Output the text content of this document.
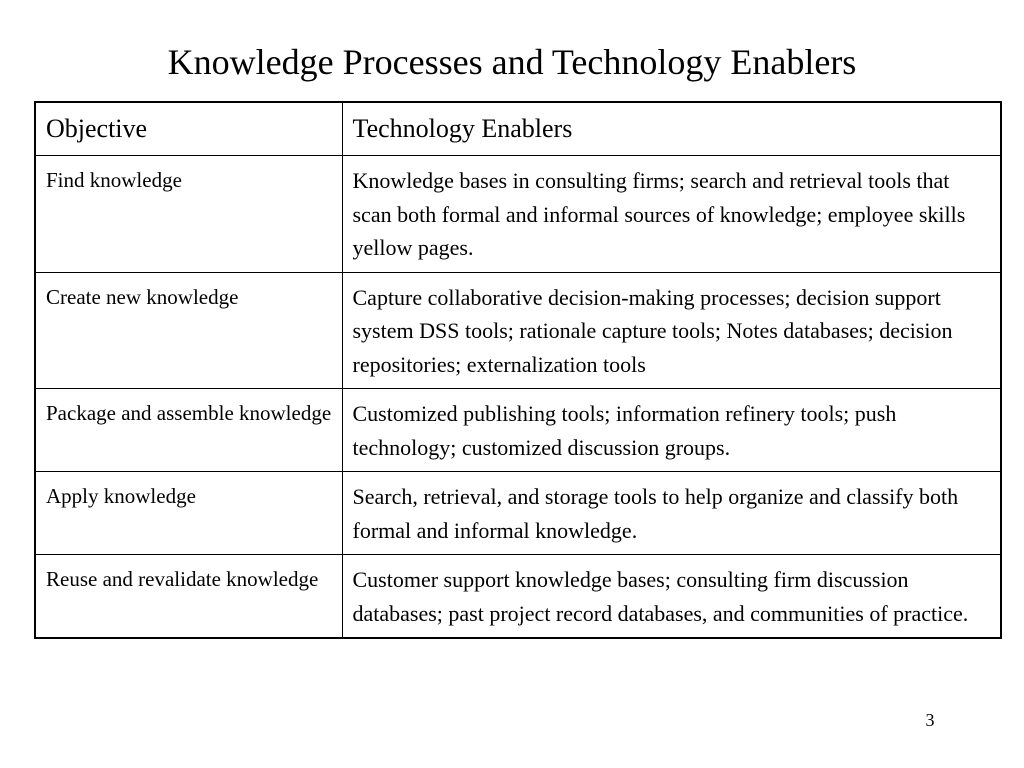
Knowledge Processes and Technology Enablers
Objective	Technology Enablers
Find knowledge	Knowledge bases in consulting firms; search and retrieval tools that scan both formal and informal sources of knowledge; employee skills yellow pages.
Create new knowledge	Capture collaborative decision-making processes; decision support system DSS tools; rationale capture tools; Notes databases; decision repositories; externalization tools
Package and assemble knowledge	Customized publishing tools; information refinery tools; push technology; customized discussion groups.
Apply knowledge	Search, retrieval, and storage tools to help organize and classify both formal and informal knowledge.
Reuse and revalidate knowledge	Customer support knowledge bases; consulting firm discussion databases; past project record databases, and communities of practice.
3
